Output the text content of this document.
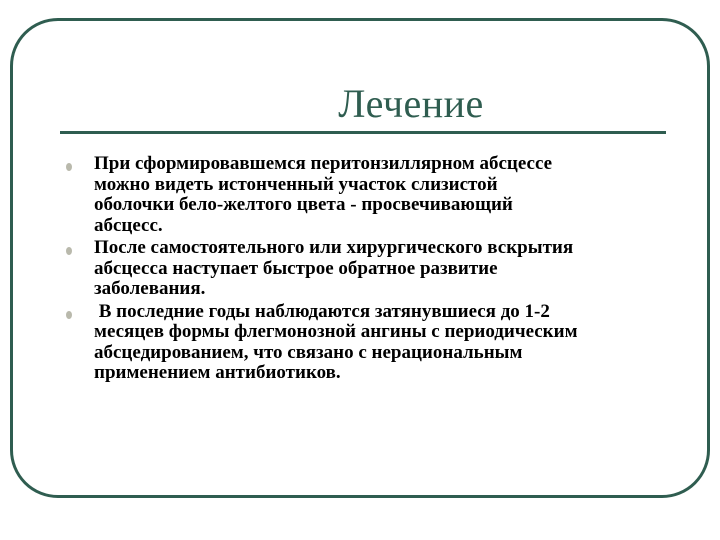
Лечение
При сформировавшемся перитонзиллярном абсцессе
можно видеть истонченный участок слизистой
оболочки бело-желтого цвета - просвечивающий
абсцесс.
После самостоятельного или хирургического вскрытия
абсцесса наступает быстрое обратное развитие
заболевания.
В последние годы наблюдаются затянувшиеся до 1-2
месяцев формы флегмонозной ангины с периодическим
абсцедированием, что связано с нерациональным
применением антибиотиков.
